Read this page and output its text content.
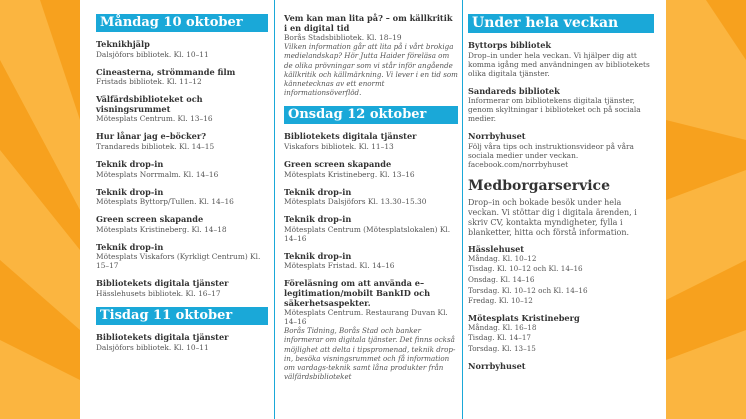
Måndag 10 oktober
Teknikhjälp
Dalsjöfors bibliotek. Kl. 10–11
Cineasterna, strömmande film
Fristads bibliotek. Kl. 11–12
Välfärdsbiblioteket och visningsrummet
Mötesplats Centrum. Kl. 13–16
Hur lånar jag e–böcker?
Trandareds bibliotek. Kl. 14–15
Teknik drop-in
Mötesplats Norrmalm. Kl. 14–16
Teknik drop-in
Mötesplats Byttorp/Tullen. Kl. 14–16
Green screen skapande
Mötesplats Kristineberg. Kl. 14–18
Teknik drop-in
Mötesplats Viskafors (Kyrkligt Centrum) Kl. 15–17
Bibliotekets digitala tjänster
Hässlehusets bibliotek. Kl. 16–17
Tisdag 11 oktober
Bibliotekets digitala tjänster
Dalsjöfors bibliotek. Kl. 10–11
Vem kan man lita på? – om källkritik i en digital tid
Borås Stadsbibliotek. Kl. 18–19
Vilken information går att lita på i vårt brokiga medielandskap? Hör Jutta Haider föreläsa om de olika prövningar som vi står inför angående källkritik och källmärkning. Vi lever i en tid som kännetecknas av ett enormt informationsöverflöd.
Onsdag 12 oktober
Bibliotekets digitala tjänster
Viskafors bibliotek. Kl. 11–13
Green screen skapande
Mötesplats Kristineberg. Kl. 13–16
Teknik drop-in
Mötesplats Dalsjöfors Kl. 13.30–15.30
Teknik drop-in
Mötesplats Centrum (Mötesplatslokalen) Kl. 14–16
Teknik drop-in
Mötesplats Fristad. Kl. 14–16
Föreläsning om att använda e–legitimation/mobilt BankID och säkerhetsaspekter.
Mötesplats Centrum. Restaurang Duvan Kl. 14–16
Borås Tidning, Borås Stad och banker informerar om digitala tjänster. Det finns också möjlighet att delta i tipspromenad, teknik drop-in, besöka visningsrummet och få information om vardags-teknik samt låna produkter från välfärdsbiblioteket
Under hela veckan
Byttorps bibliotek
Drop–in under hela veckan. Vi hjälper dig att komma igång med användningen av bibliotekets olika digitala tjänster.
Sandareds bibliotek
Informerar om bibliotekens digitala tjänster, genom skyltningar i biblioteket och på sociala medier.
Norrbyhuset
Följ våra tips och instruktionsvideor på våra sociala medier under veckan. facebook.com/norrbyhuset
Medborgarservice
Drop–in och bokade besök under hela veckan. Vi stöttar dig i digitala ärenden, i skriv CV, kontakta myndigheter, fylla i blanketter, hitta och förstå information.
Hässlehuset
Måndag. Kl. 10–12
Tisdag. Kl. 10–12 och Kl. 14–16
Onsdag. Kl. 14–16
Torsdag. Kl. 10–12 och Kl. 14–16
Fredag. Kl. 10–12
Mötesplats Kristineberg
Måndag. Kl. 16–18
Tisdag. Kl. 14–17
Torsdag. Kl. 13–15
Norrbyhuset
